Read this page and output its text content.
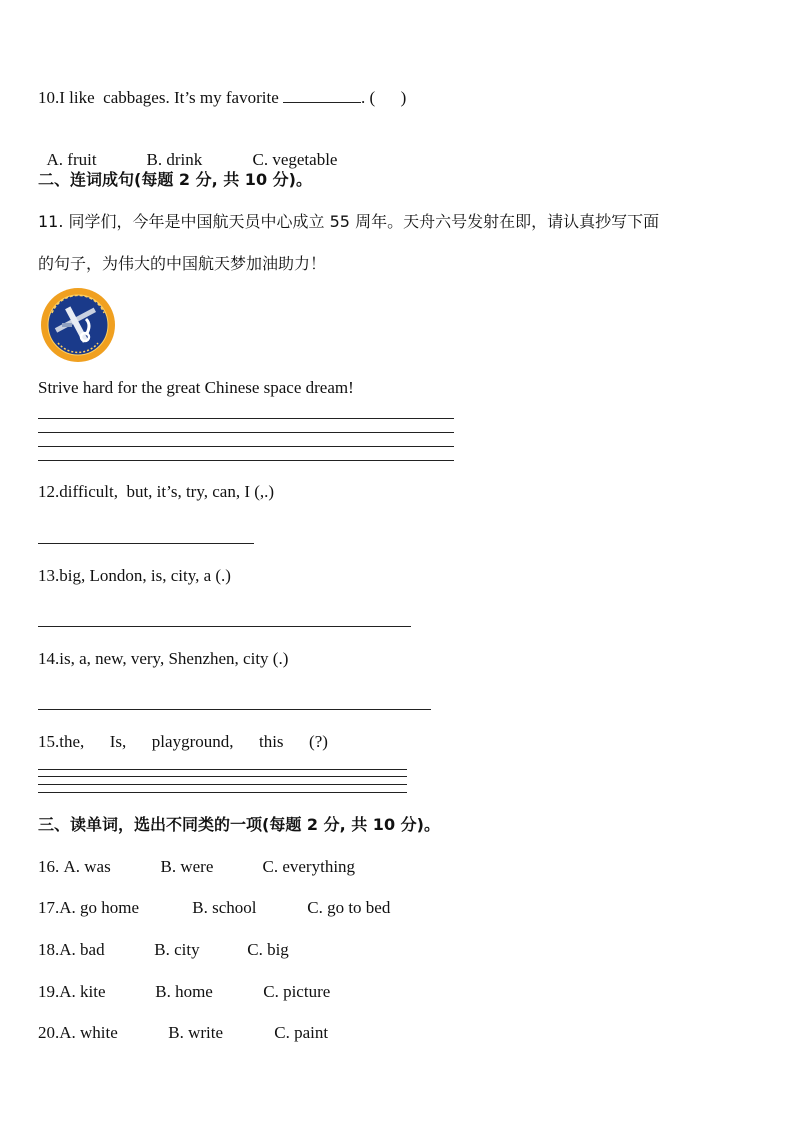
10.I like  cabbages. It’s my favorite	. (      )

A. fruit	B. drink	C. vegetable

二、连词成句(每题 2 分, 共 10 分)。
11. 同学们，今年是中国航天员中心成立 55 周年。天舟六号发射在即，请认真抄写下面
的句子，为伟大的中国航天梦加油助力！
Strive hard for the great Chinese space dream!
12.difficult,  but, it’s, try, can, I (,.)
13.big, London, is, city, a (.)
14.is, a, new, very, Shenzhen, city (.)
15.the,      Is,      playground,      this      (?)
三、读单词，选出不同类的一项(每题 2 分, 共 10 分)。
16. A. was	B. were	C. everything
17.A. go home	B. school	C. go to bed
18.A. bad	B. city	C. big
19.A. kite	B. home	C. picture
20.A. white	B. write	C. paint
